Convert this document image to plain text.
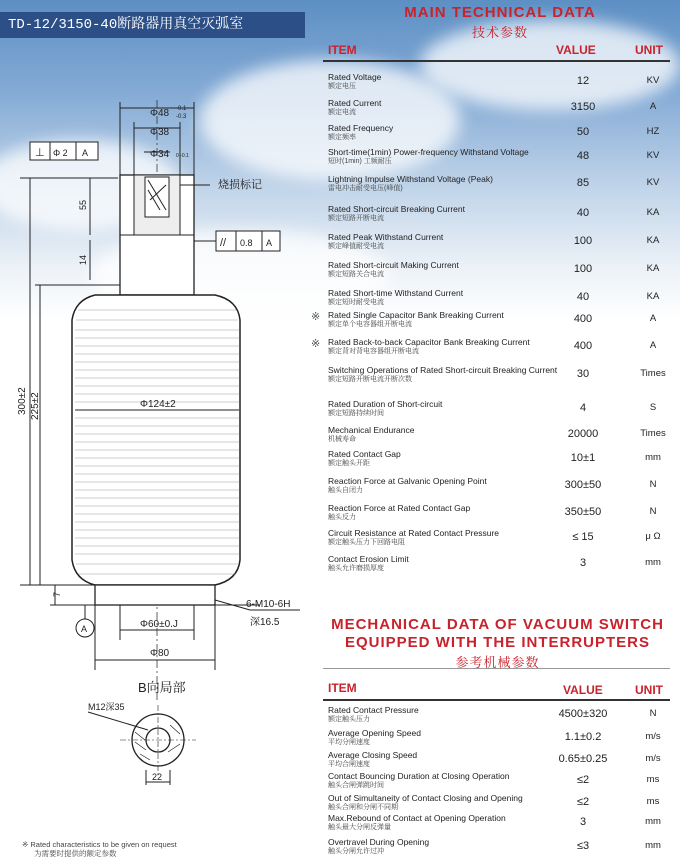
TD-12/3150-40断路器用真空灭弧室
Φ48 -0.1
-0.3
Φ38
Φ34 0 -0.1
烧损标记
⊥ Φ 2 A
// 0.8 A
55
14
300±2 225±2	Φ124±2
7
A	Φ60±0.J
Φ80
6-M10-6H
深16.5
B向局部
M12深35
22
MAIN TECHNICAL DATA
技术参数
ITEM	VALUE	UNIT
Rated Voltage
额定电压	12	KV
Rated Current
额定电流	3150	A
Rated Frequency
额定频率	50	HZ
Short-time(1min) Power-frequency Withstand Voltage
短时(1min) 工频耐压	48	KV
Lightning Impulse Withstand Voltage (Peak)
雷电冲击耐受电压(峰值)	85	KV
Rated Short-circuit Breaking Current
额定短路开断电流	40	KA
Rated Peak Withstand Current
额定峰值耐受电流	100	KA
Rated Short-circuit Making Current
额定短路关合电流	100	KA
Rated Short-time Withstand Current
额定短时耐受电流	40	KA
※ Rated Single Capacitor Bank Breaking Current
额定单个电容器组开断电流	400	A
※ Rated Back-to-back Capacitor Bank Breaking Current
额定背对背电容器组开断电流	400	A
Switching Operations of Rated Short-circuit Breaking Current
额定短路开断电流开断次数	30	Times
Rated Duration of Short-circuit
额定短路持续时间	4	S
Mechanical Endurance
机械寿命	20000	Times
Rated Contact Gap
额定触头开距	10±1	mm
Reaction Force at Galvanic Opening Point
触头自闭力	300±50	N
Reaction Force at Rated Contact Gap
触头反力	350±50	N
Circuit Resistance at Rated Contact Pressure
额定触头压力下回路电阻	≤ 15	μ Ω
Contact Erosion Limit
触头允许磨损厚度	3	mm
MECHANICAL DATA OF VACUUM SWITCH
EQUIPPED WITH THE INTERRUPTERS
参考机械参数
ITEM	VALUE	UNIT
Rated Contact Pressure
额定触头压力	4500±320	N
Average Opening Speed
平均分闸速度	1.1±0.2	m/s
Average Closing Speed
平均合闸速度	0.65±0.25	m/s
Contact Bouncing Duration at Closing Operation
触头合闸弹跳时间	≤2	ms
Out of Simultaneity of Contact Closing and Opening
触头合闸和分闸不同期	≤2	ms
Max.Rebound of Contact at Opening Operation
触头最大分闸反弹量	3	mm
Overtravel During Opening
触头分闸允许过冲	≤3	mm
※ Rated characteristics to be given on request
为需要时提供的额定参数
